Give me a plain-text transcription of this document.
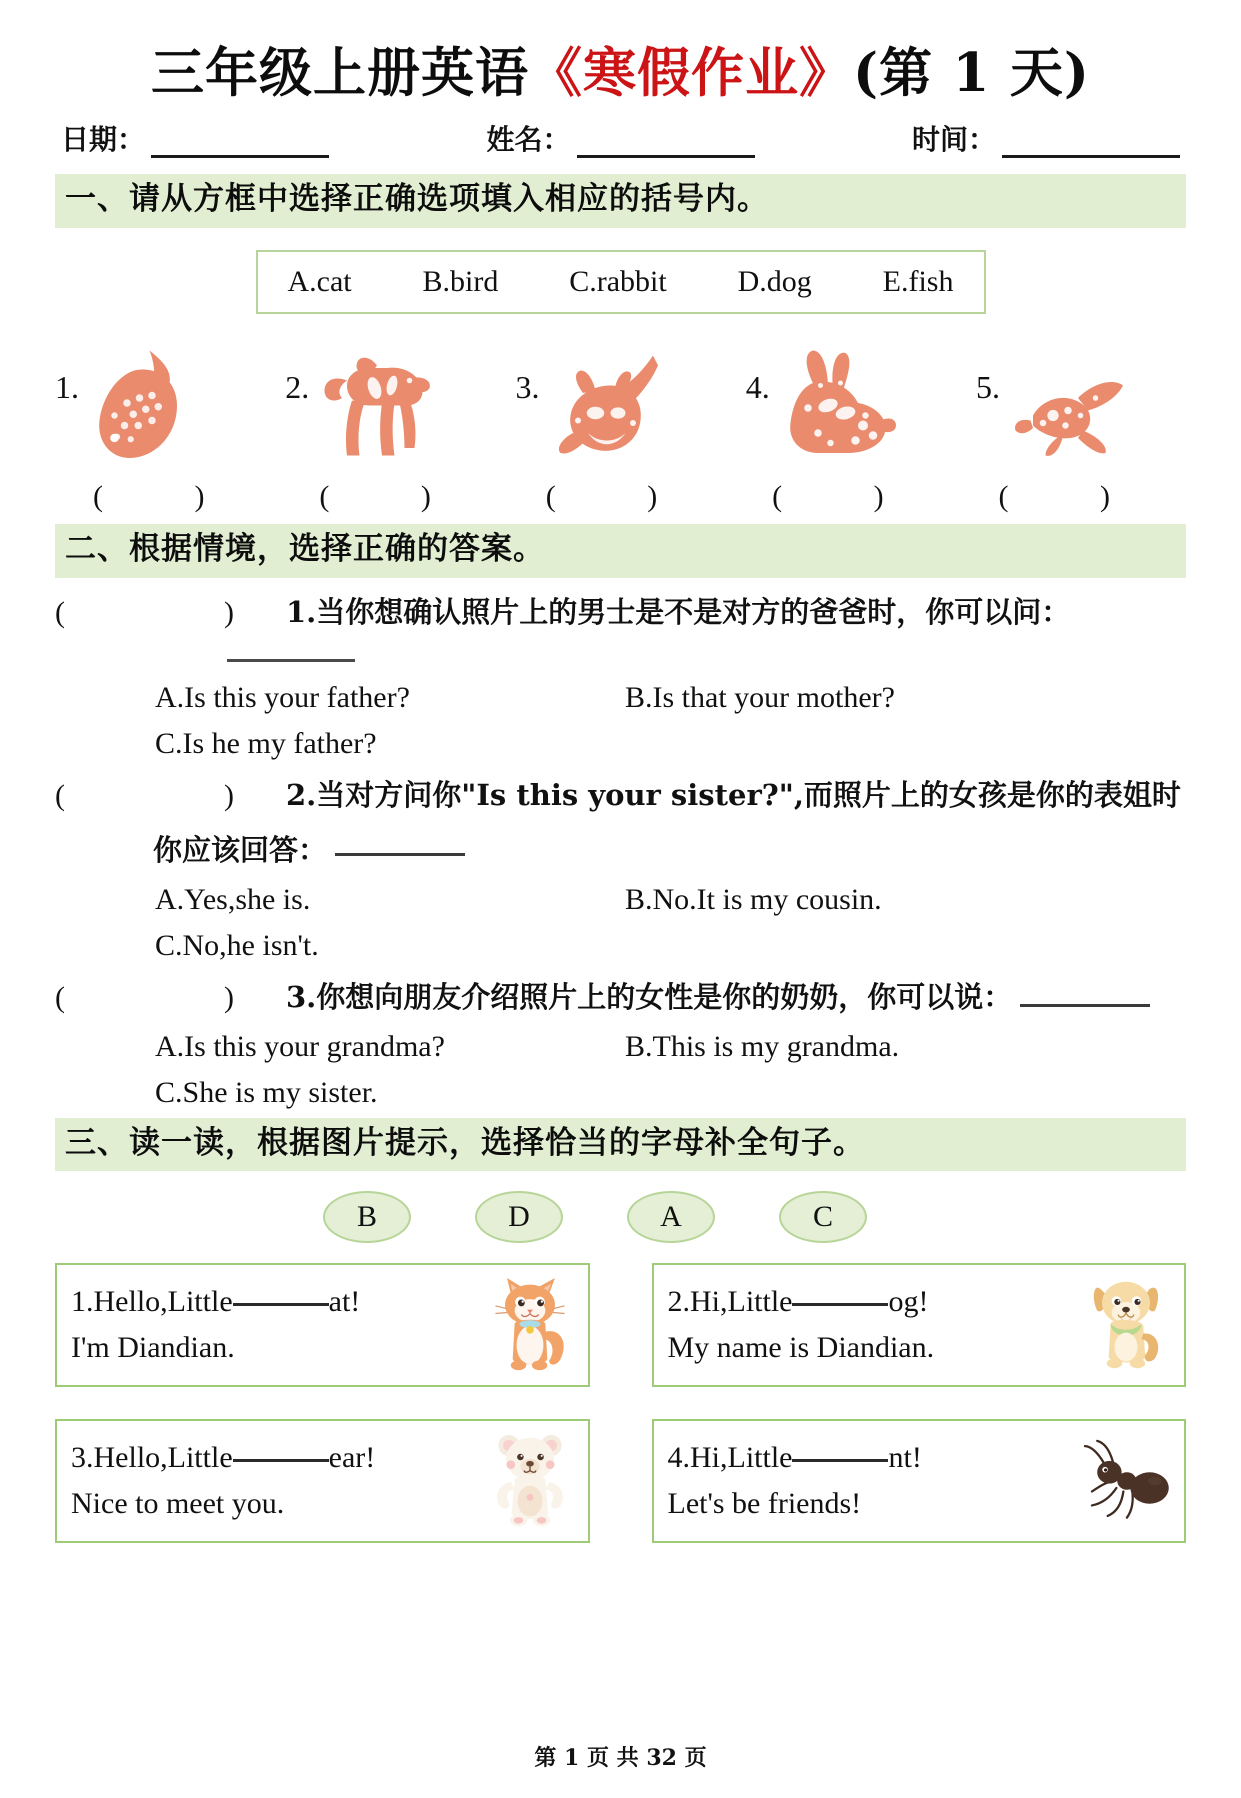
三年级上册英语《寒假作业》(第 1 天)
日期：	姓名：	时间：
一、请从方框中选择正确选项填入相应的括号内。
A.cat B.bird C.rabbit D.dog E.fish
1.	2.	3.	4.	5.
( ) ( ) ( ) ( ) ( )
二、根据情境，选择正确的答案。
(  ) 1.当你想确认照片上的男士是不是对方的爸爸时，你可以问：
A.Is this your father?	B.Is that your mother?
C.Is he my father?
(  ) 2.当对方问你"Is this your sister?",而照片上的女孩是你的表姐时
你应该回答：
A.Yes,she is.	B.No.It is my cousin.
C.No,he isn't.
(  ) 3.你想向朋友介绍照片上的女性是你的奶奶，你可以说：
A.Is this your grandma?	B.This is my grandma.
C.She is my sister.
三、读一读，根据图片提示，选择恰当的字母补全句子。
B	D	A	C
1.Hello,Little	at!
I'm Diandian.
2.Hi,Little	og!
My name is Diandian.
3.Hello,Little	ear!
Nice to meet you.
4.Hi,Little	nt!
Let's be friends!
第 1 页 共 32 页
